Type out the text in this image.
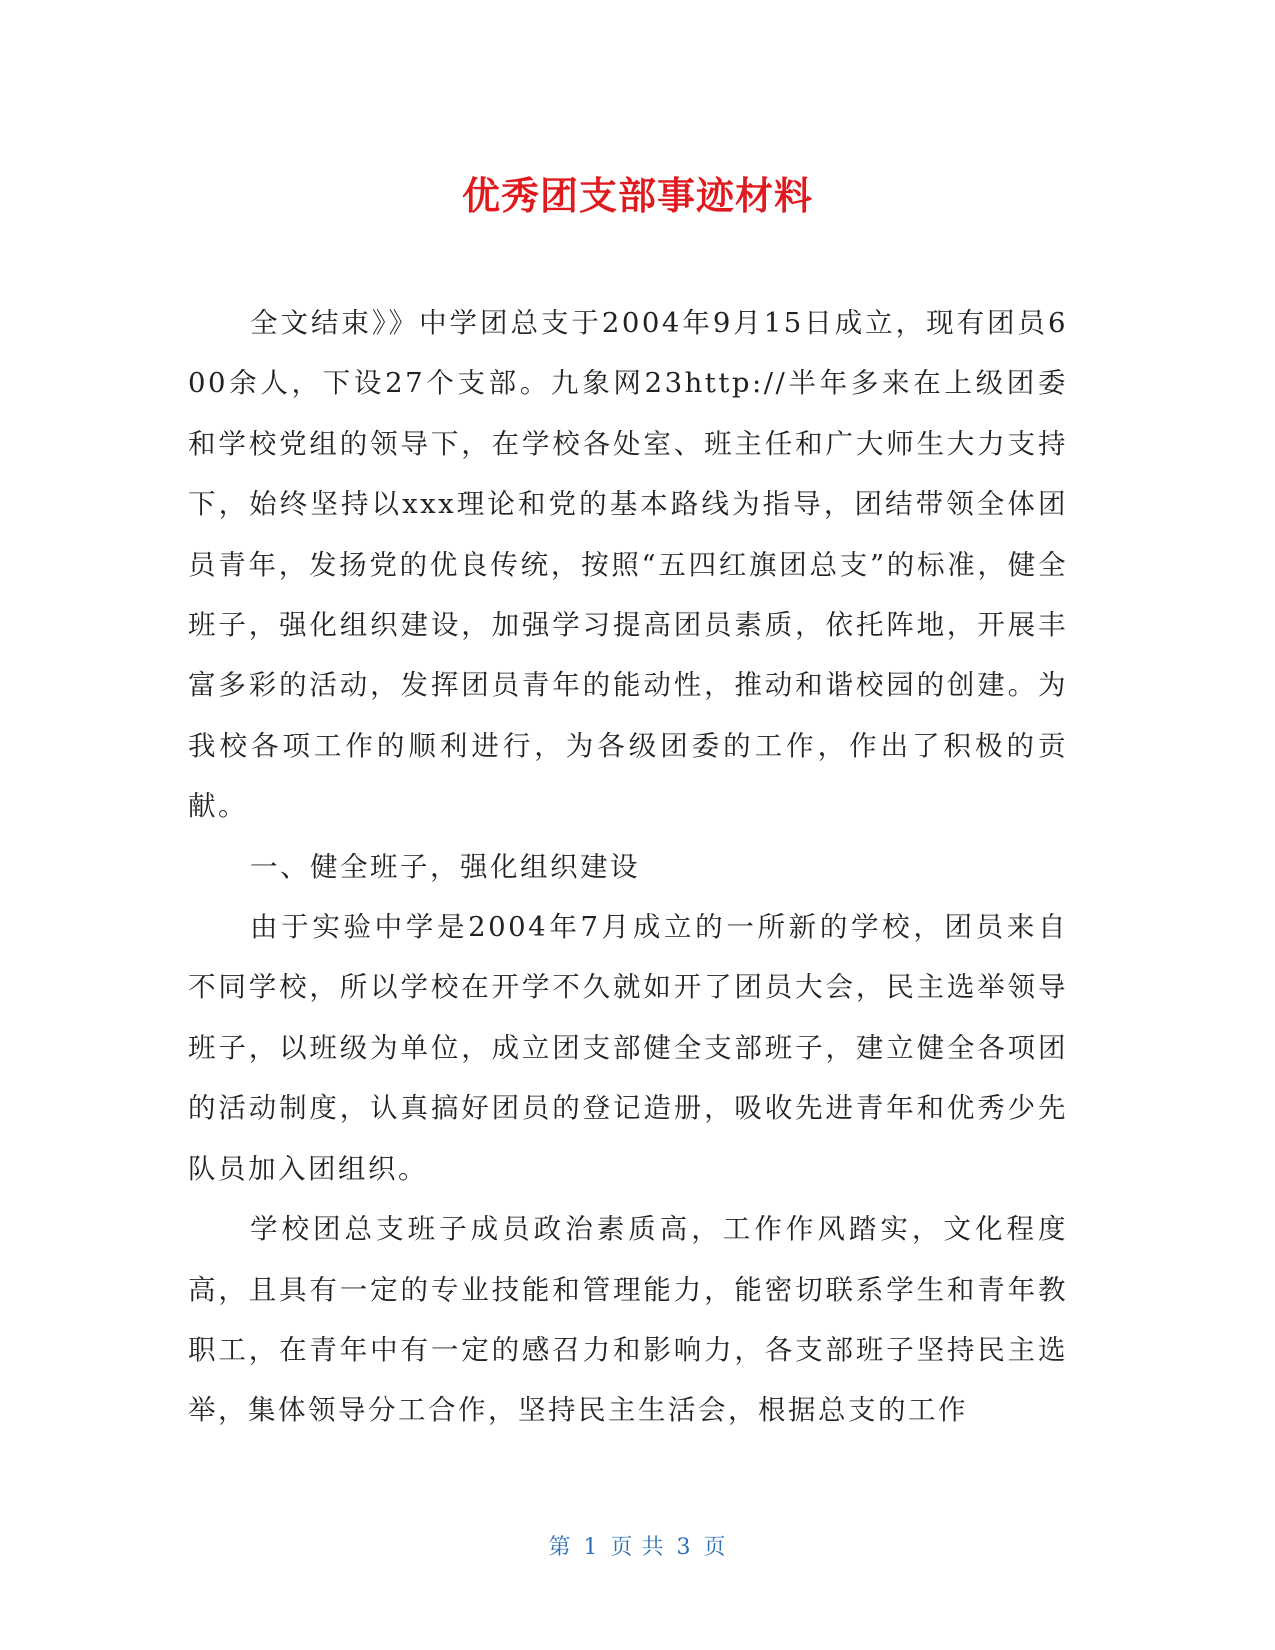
优秀团支部事迹材料

全文结束》》中学团总支于2004年9月15日成立，现有团员600余人，下设27个支部。九象网23http://半年多来在上级团委和学校党组的领导下，在学校各处室、班主任和广大师生大力支持下，始终坚持以xxx理论和党的基本路线为指导，团结带领全体团员青年，发扬党的优良传统，按照“五四红旗团总支”的标准，健全班子，强化组织建设，加强学习提高团员素质，依托阵地，开展丰富多彩的活动，发挥团员青年的能动性，推动和谐校园的创建。为我校各项工作的顺利进行，为各级团委的工作，作出了积极的贡献。

一、健全班子，强化组织建设

由于实验中学是2004年7月成立的一所新的学校，团员来自不同学校，所以学校在开学不久就如开了团员大会，民主选举领导班子，以班级为单位，成立团支部健全支部班子，建立健全各项团的活动制度，认真搞好团员的登记造册，吸收先进青年和优秀少先队员加入团组织。

学校团总支班子成员政治素质高，工作作风踏实，文化程度高，且具有一定的专业技能和管理能力，能密切联系学生和青年教职工，在青年中有一定的感召力和影响力，各支部班子坚持民主选举，集体领导分工合作，坚持民主生活会，根据总支的工作

第 1 页 共 3 页
